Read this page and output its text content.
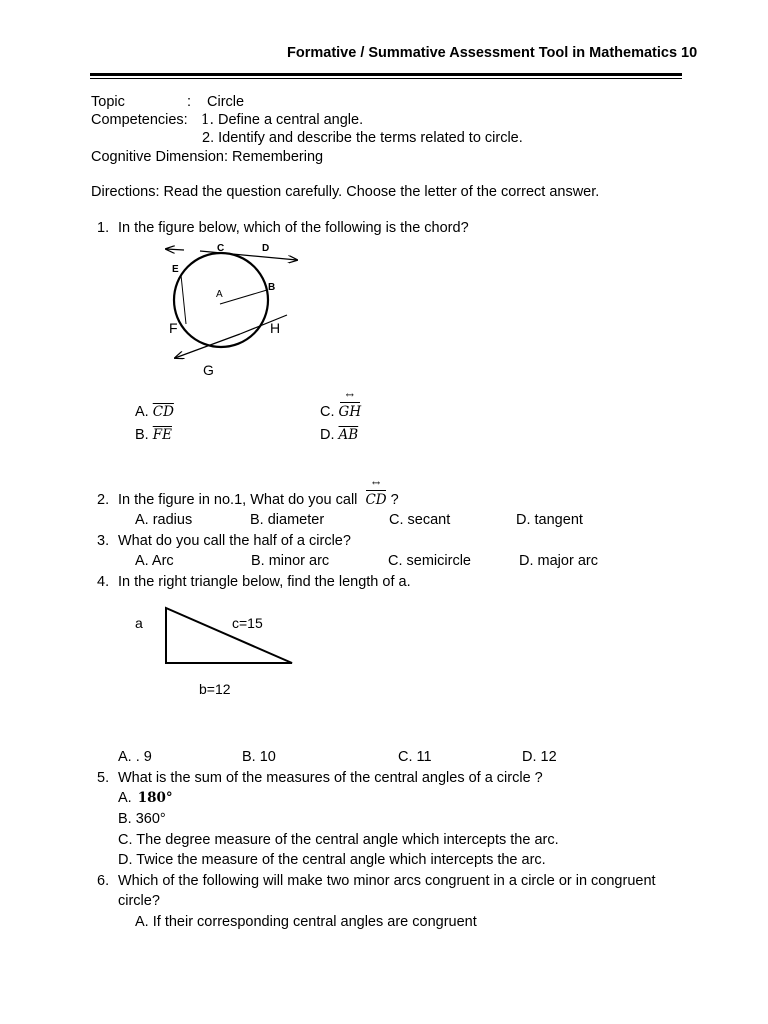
Formative / Summative Assessment Tool in Mathematics 10
Topic	: Circle
Competencies: 1. Define a central angle.
2. Identify and describe the terms related to circle.
Cognitive Dimension: Remembering
Directions: Read the question carefully. Choose the letter of the correct answer.
1. In the figure below, which of the following is the chord?
C	D
E
A
B
F	H
G
a	c=15
b=12
A. $\overline{CD}$
B. $\overline{FE}$
C. GH ↔
D. $\overline{AB}$
2. In the figure in no.1, What do you call CD ↔ ?
A. radius	B. diameter	C. secant	D. tangent
3. What do you call the half of a circle?
A. Arc	B. minor arc	C. semicircle	D. major arc
4. In the right triangle below, find the length of a.
A. . 9	B. 10	C. 11	D. 12
5. What is the sum of the measures of the central angles of a circle ?
A. 180°
B. 360°
C. The degree measure of the central angle which intercepts the arc.
D. Twice the measure of the central angle which intercepts the arc.
6. Which of the following will make two minor arcs congruent in a circle or in congruent
circle?
A. If their corresponding central angles are congruent
